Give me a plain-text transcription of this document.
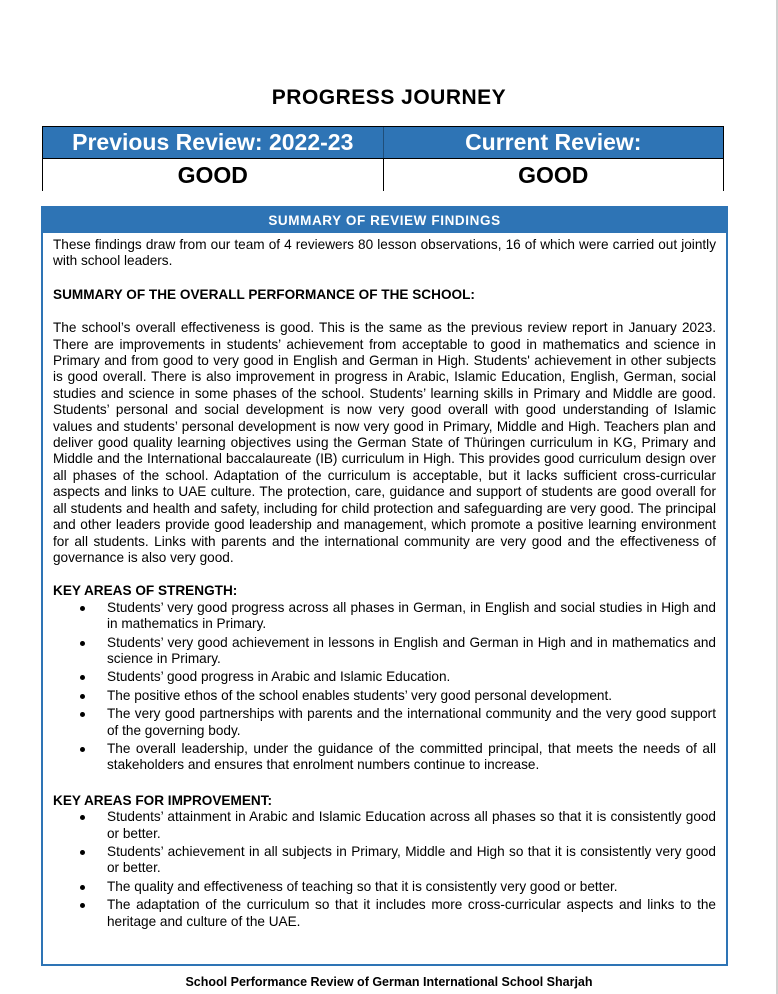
PROGRESS JOURNEY
Previous Review: 2022-23	Current Review:
GOOD	GOOD
SUMMARY OF REVIEW FINDINGS

These findings draw from our team of 4 reviewers 80 lesson observations, 16 of which were carried out jointly with school leaders.

SUMMARY OF THE OVERALL PERFORMANCE OF THE SCHOOL:

The school’s overall effectiveness is good. This is the same as the previous review report in January 2023. There are improvements in students’ achievement from acceptable to good in mathematics and science in Primary and from good to very good in English and German in High. Students' achievement in other subjects is good overall. There is also improvement in progress in Arabic, Islamic Education, English, German, social studies and science in some phases of the school. Students’ learning skills in Primary and Middle are good. Students’ personal and social development is now very good overall with good understanding of Islamic values and students’ personal development is now very good in Primary, Middle and High. Teachers plan and deliver good quality learning objectives using the German State of Thüringen curriculum in KG, Primary and Middle and the International baccalaureate (IB) curriculum in High. This provides good curriculum design over all phases of the school. Adaptation of the curriculum is acceptable, but it lacks sufficient cross-curricular aspects and links to UAE culture. The protection, care, guidance and support of students are good overall for all students and health and safety, including for child protection and safeguarding are very good. The principal and other leaders provide good leadership and management, which promote a positive learning environment for all students. Links with parents and the international community are very good and the effectiveness of governance is also very good.

KEY AREAS OF STRENGTH:

Students’ very good progress across all phases in German, in English and social studies in High and in mathematics in Primary.
Students’ very good achievement in lessons in English and German in High and in mathematics and science in Primary.
Students’ good progress in Arabic and Islamic Education.
The positive ethos of the school enables students’ very good personal development.
The very good partnerships with parents and the international community and the very good support of the governing body.
The overall leadership, under the guidance of the committed principal, that meets the needs of all stakeholders and ensures that enrolment numbers continue to increase.

KEY AREAS FOR IMPROVEMENT:

Students’ attainment in Arabic and Islamic Education across all phases so that it is consistently good or better.
Students’ achievement in all subjects in Primary, Middle and High so that it is consistently very good or better.
The quality and effectiveness of teaching so that it is consistently very good or better.
The adaptation of the curriculum so that it includes more cross-curricular aspects and links to the heritage and culture of the UAE.
School Performance Review of German International School Sharjah
